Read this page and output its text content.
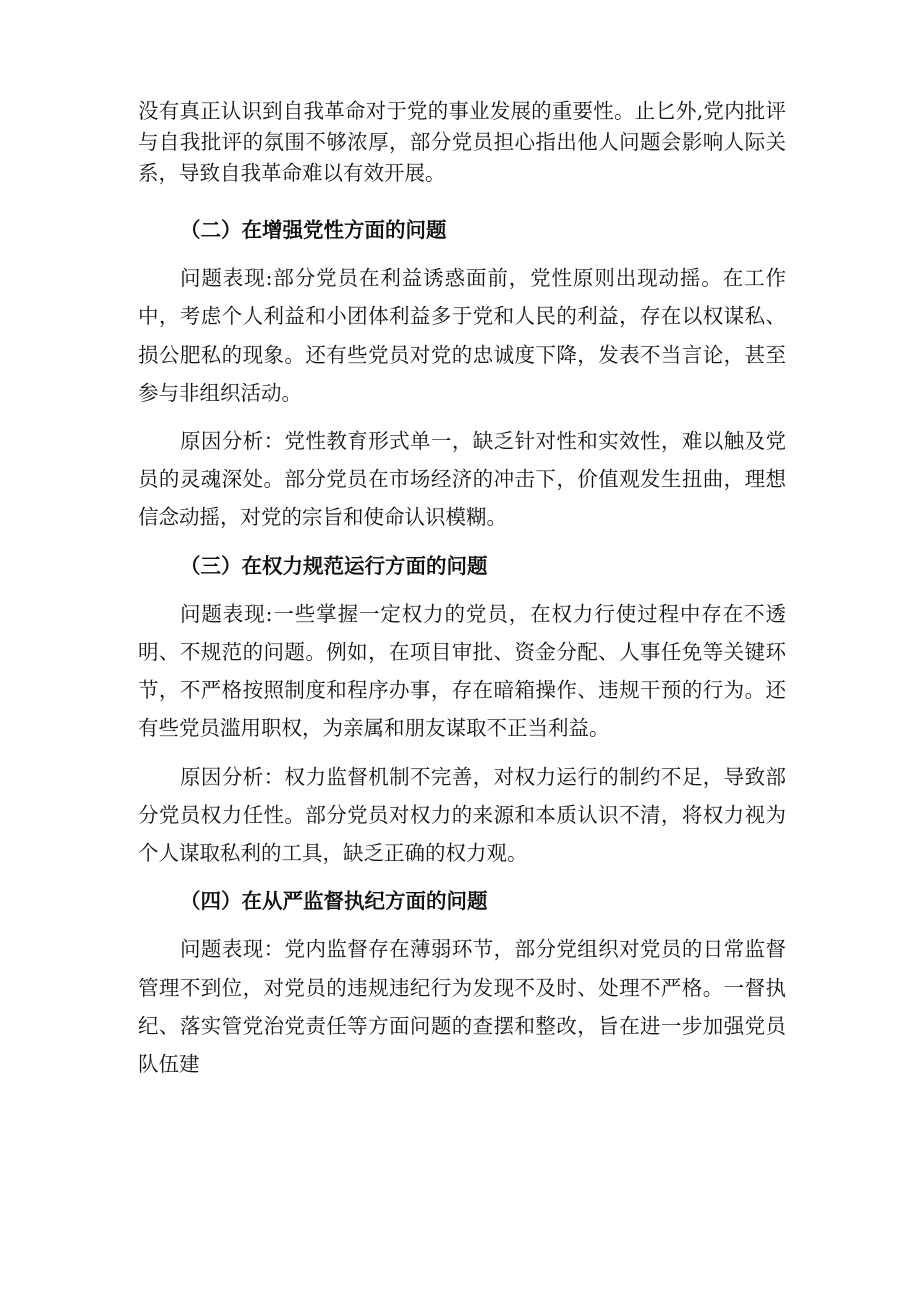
没有真正认识到自我革命对于党的事业发展的重要性。止匕外,党内批评与自我批评的氛围不够浓厚，部分党员担心指出他人问题会影响人际关系，导致自我革命难以有效开展。

（二）在增强党性方面的问题

问题表现:部分党员在利益诱惑面前，党性原则出现动摇。在工作中，考虑个人利益和小团体利益多于党和人民的利益，存在以权谋私、损公肥私的现象。还有些党员对党的忠诚度下降，发表不当言论，甚至参与非组织活动。

原因分析：党性教育形式单一，缺乏针对性和实效性，难以触及党员的灵魂深处。部分党员在市场经济的冲击下，价值观发生扭曲，理想信念动摇，对党的宗旨和使命认识模糊。

（三）在权力规范运行方面的问题

问题表现:一些掌握一定权力的党员，在权力行使过程中存在不透明、不规范的问题。例如，在项目审批、资金分配、人事任免等关键环节，不严格按照制度和程序办事，存在暗箱操作、违规干预的行为。还有些党员滥用职权，为亲属和朋友谋取不正当利益。

原因分析：权力监督机制不完善，对权力运行的制约不足，导致部分党员权力任性。部分党员对权力的来源和本质认识不清，将权力视为个人谋取私利的工具，缺乏正确的权力观。

（四）在从严监督执纪方面的问题

问题表现：党内监督存在薄弱环节，部分党组织对党员的日常监督管理不到位，对党员的违规违纪行为发现不及时、处理不严格。一督执纪、落实管党治党责任等方面问题的查摆和整改，旨在进一步加强党员队伍建
